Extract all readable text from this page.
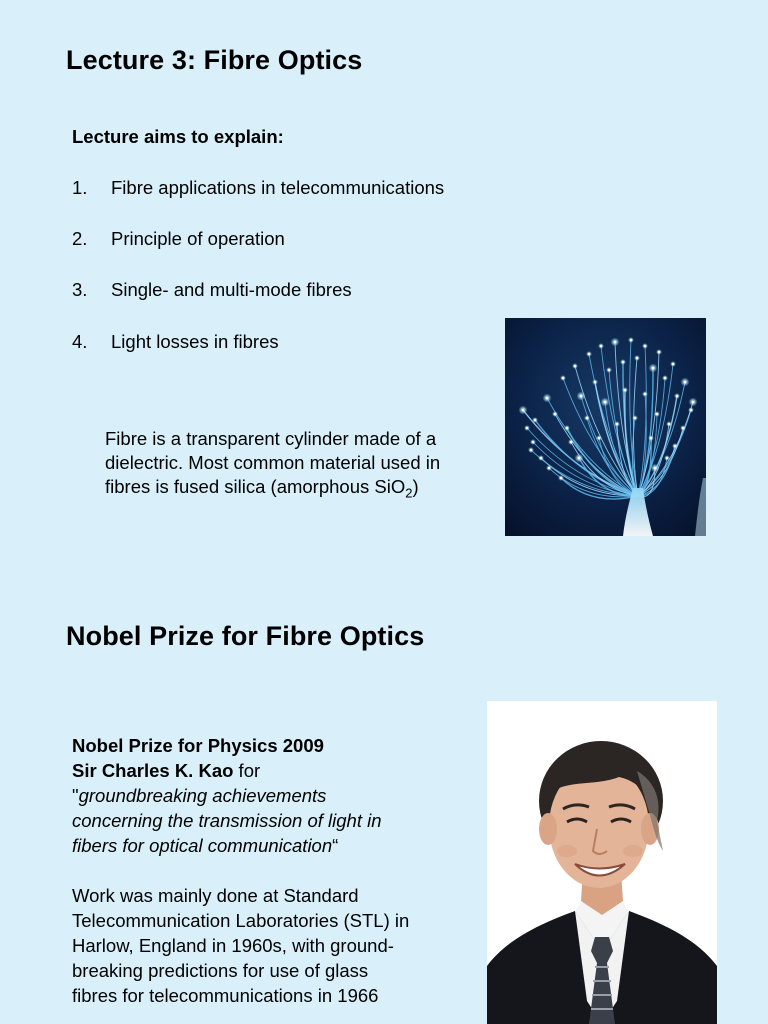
Lecture 3: Fibre Optics
Lecture aims to explain:
1. Fibre applications in telecommunications
2. Principle of operation
3. Single- and multi-mode fibres
4. Light losses in fibres
Fibre is a transparent cylinder made of a
dielectric. Most common material used in
fibres is fused silica (amorphous SiO$_2$)
Nobel Prize for Fibre Optics
Nobel Prize for Physics 2009
Sir Charles K. Kao for
"groundbreaking achievements
concerning the transmission of light in
fibers for optical communication“
Work was mainly done at Standard
Telecommunication Laboratories (STL) in
Harlow, England in 1960s, with ground-
breaking predictions for use of glass
fibres for telecommunications in 1966
